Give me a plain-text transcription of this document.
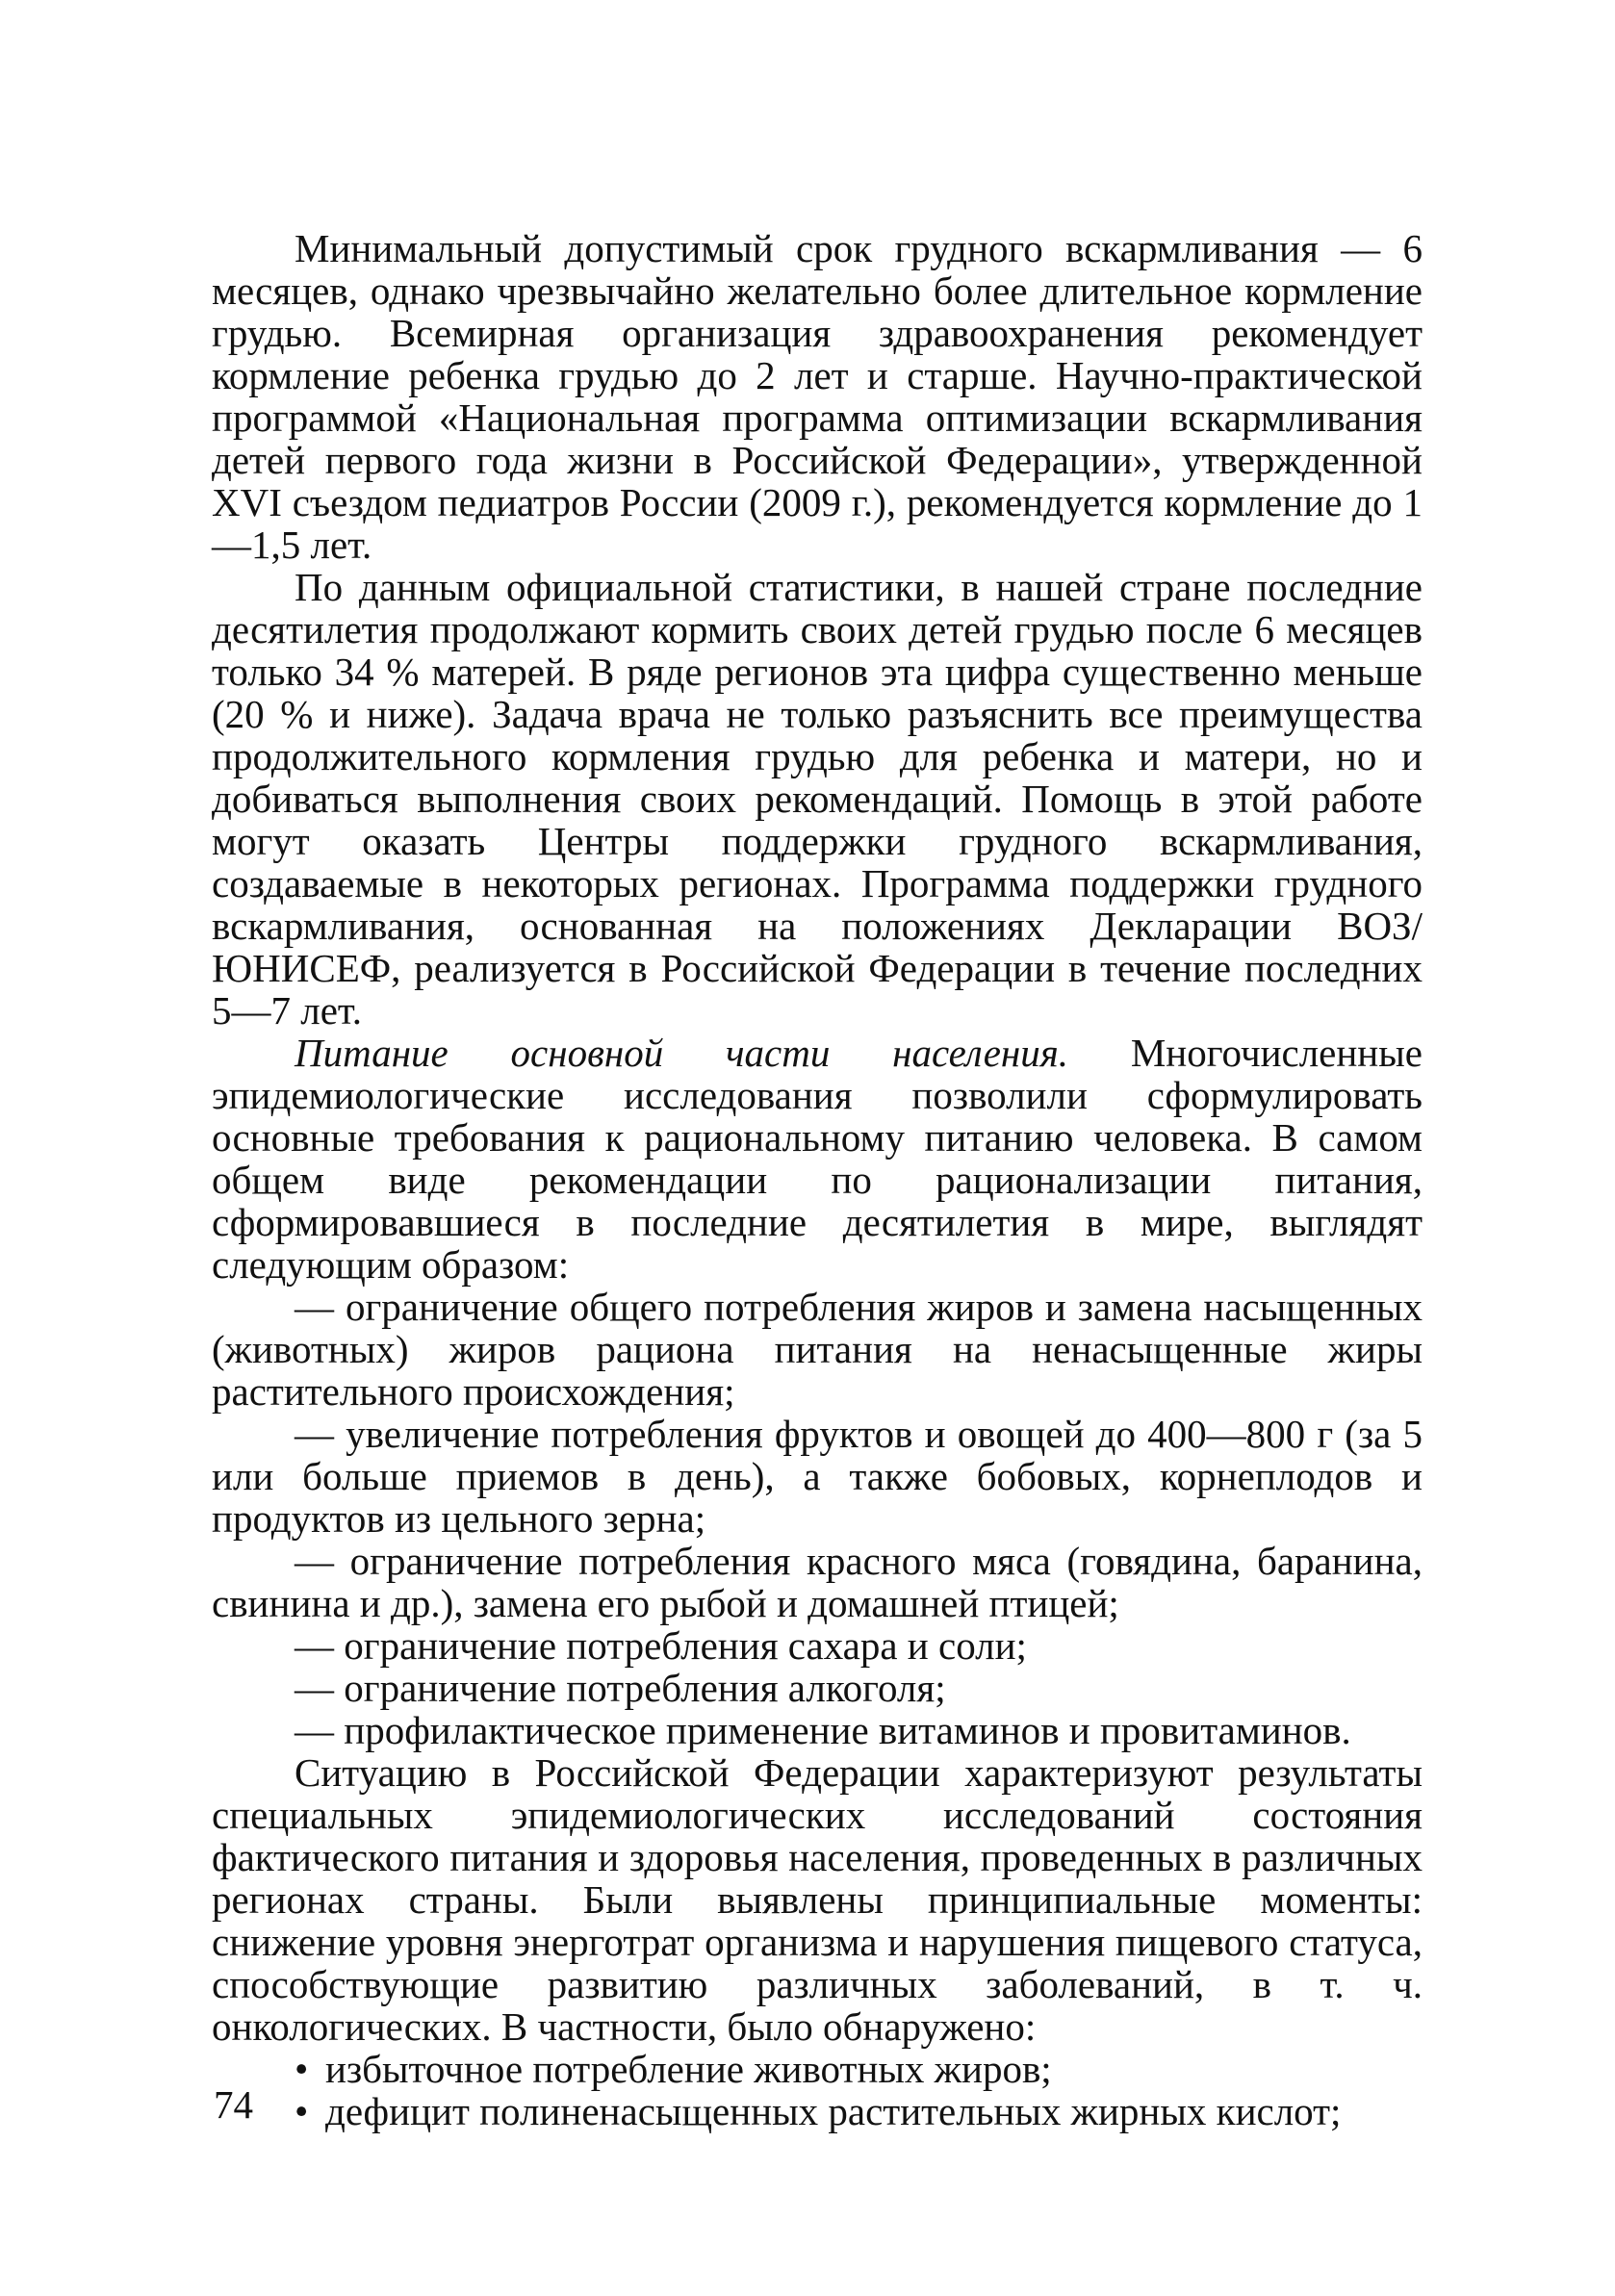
Минимальный допустимый срок грудного вскармливания — 6 месяцев, однако чрезвычайно желательно более длительное кормление грудью. Всемирная организация здравоохранения рекомендует кормление ребенка грудью до 2 лет и старше. Научно-практической программой «Национальная программа оптимизации вскармливания детей первого года жизни в Российской Федерации», утвержденной XVI съездом педиатров России (2009 г.), рекомендуется кормление до 1—1,5 лет.

По данным официальной статистики, в нашей стране последние десятилетия продолжают кормить своих детей грудью после 6 месяцев только 34 % матерей. В ряде регионов эта цифра существенно меньше (20 % и ниже). Задача врача не только разъяснить все преимущества продолжительного кормления грудью для ребенка и матери, но и добиваться выполнения своих рекомендаций. Помощь в этой работе могут оказать Центры поддержки грудного вскармливания, создаваемые в некоторых регионах. Программа поддержки грудного вскармливания, основанная на положениях Декларации ВОЗ/ЮНИСЕФ, реализуется в Российской Федерации в течение последних 5—7 лет.

Питание основной части населения. Многочисленные эпидемиологические исследования позволили сформулировать основные требования к рациональному питанию человека. В самом общем виде рекомендации по рационализации питания, сформировавшиеся в последние десятилетия в мире, выглядят следующим образом:

— ограничение общего потребления жиров и замена насыщенных (животных) жиров рациона питания на ненасыщенные жиры растительного происхождения;

— увеличение потребления фруктов и овощей до 400—800 г (за 5 или больше приемов в день), а также бобовых, корнеплодов и продуктов из цельного зерна;

— ограничение потребления красного мяса (говядина, баранина, свинина и др.), замена его рыбой и домашней птицей;

— ограничение потребления сахара и соли;

— ограничение потребления алкоголя;

— профилактическое применение витаминов и провитаминов.

Ситуацию в Российской Федерации характеризуют результаты специальных эпидемиологических исследований состояния фактического питания и здоровья населения, проведенных в различных регионах страны. Были выявлены принципиальные моменты: снижение уровня энерготрат организма и нарушения пищевого статуса, способствующие развитию различных заболеваний, в т. ч. онкологических. В частности, было обнаружено:

• избыточное потребление животных жиров;
• дефицит полиненасыщенных растительных жирных кислот;
74
